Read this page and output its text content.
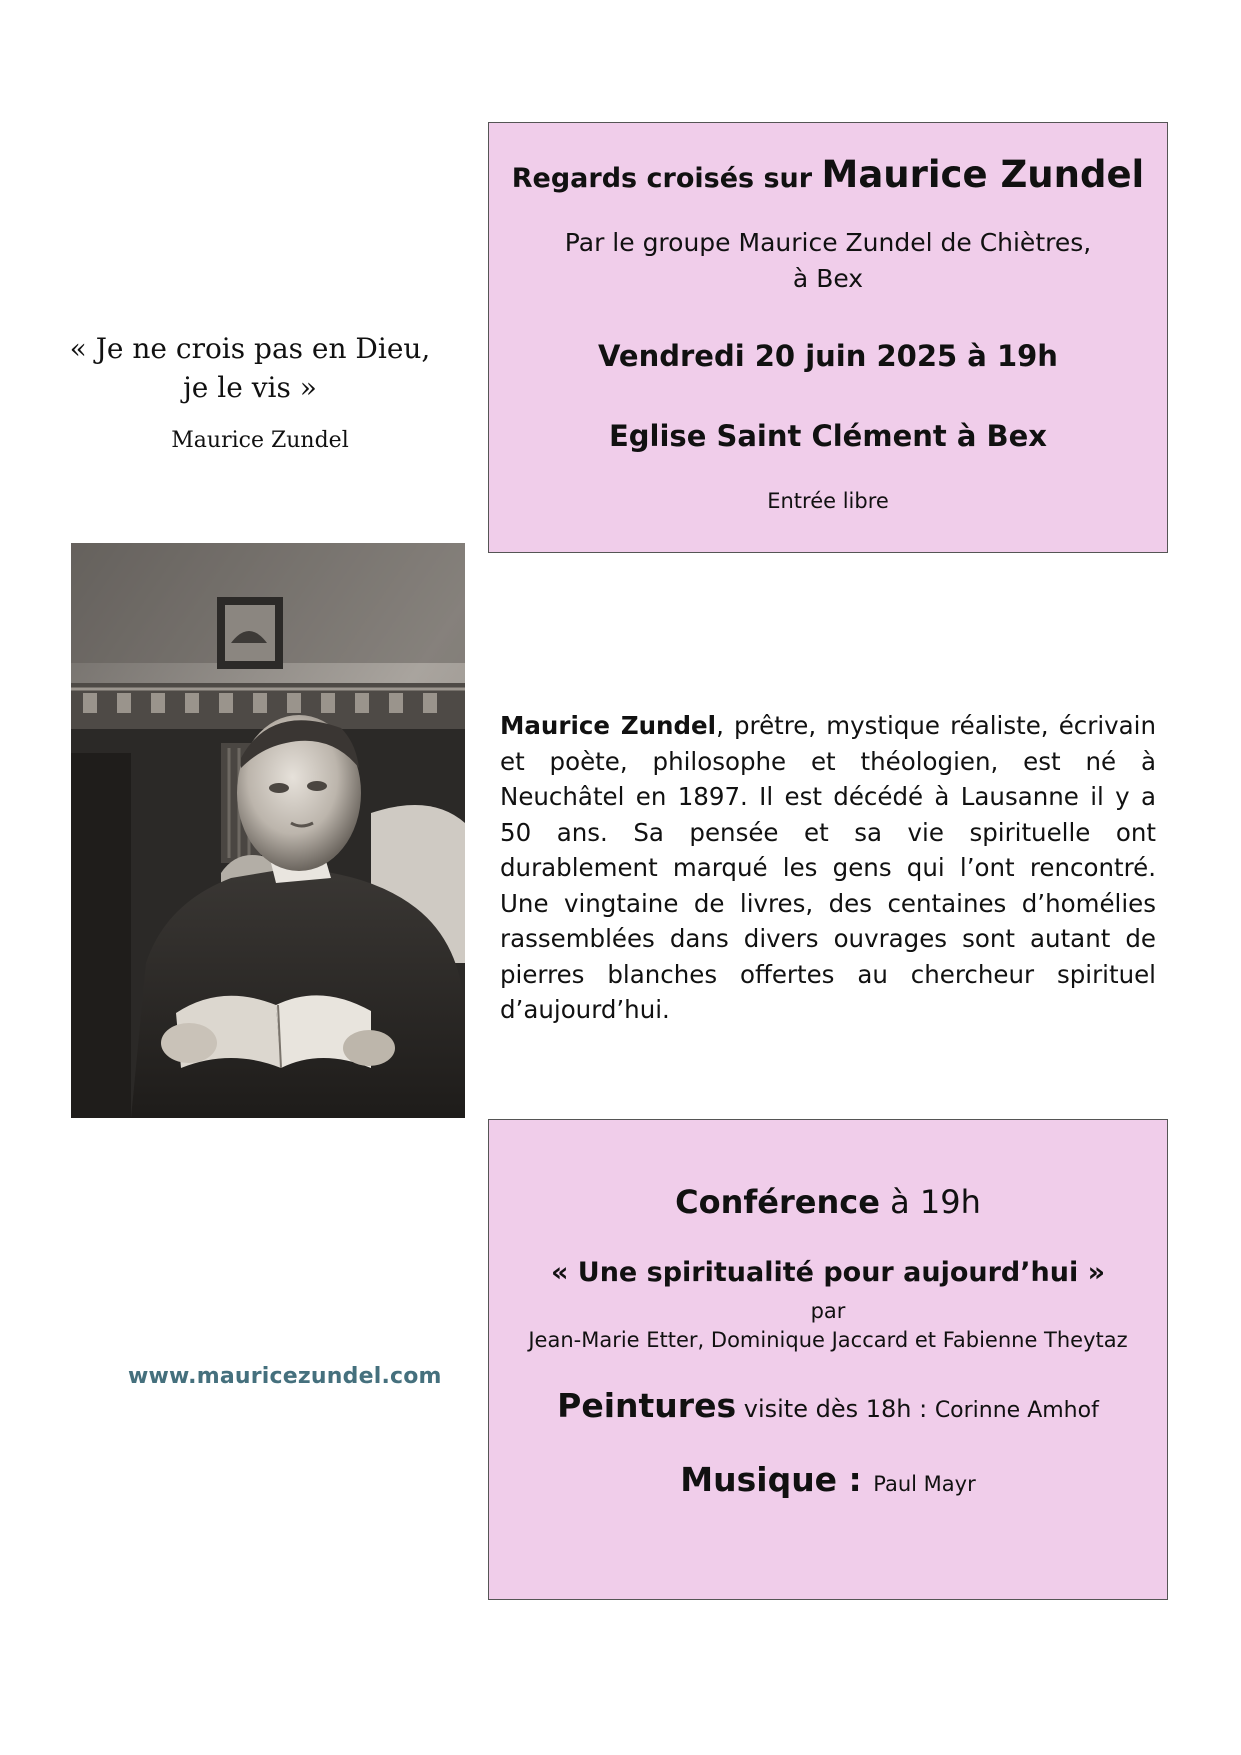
Regards croisés sur Maurice Zundel
Par le groupe Maurice Zundel de Chiètres,
à Bex
Vendredi 20 juin 2025 à 19h
Eglise Saint Clément à Bex
Entrée libre
« Je ne crois pas en Dieu,
je le vis »
Maurice Zundel
Maurice Zundel, prêtre, mystique réaliste, écrivain et poète, philosophe et théologien, est né à Neuchâtel en 1897. Il est décédé à Lausanne il y a 50 ans. Sa pensée et sa vie spirituelle ont durablement marqué les gens qui l’ont rencontré. Une vingtaine de livres, des centaines d’homélies rassemblées dans divers ouvrages sont autant de pierres blanches offertes au chercheur spirituel d’aujourd’hui.
Conférence à 19h
« Une spiritualité pour aujourd’hui »
par
Jean-Marie Etter, Dominique Jaccard et Fabienne Theytaz
Peintures visite dès 18h : Corinne Amhof
Musique : Paul Mayr
www.mauricezundel.com
